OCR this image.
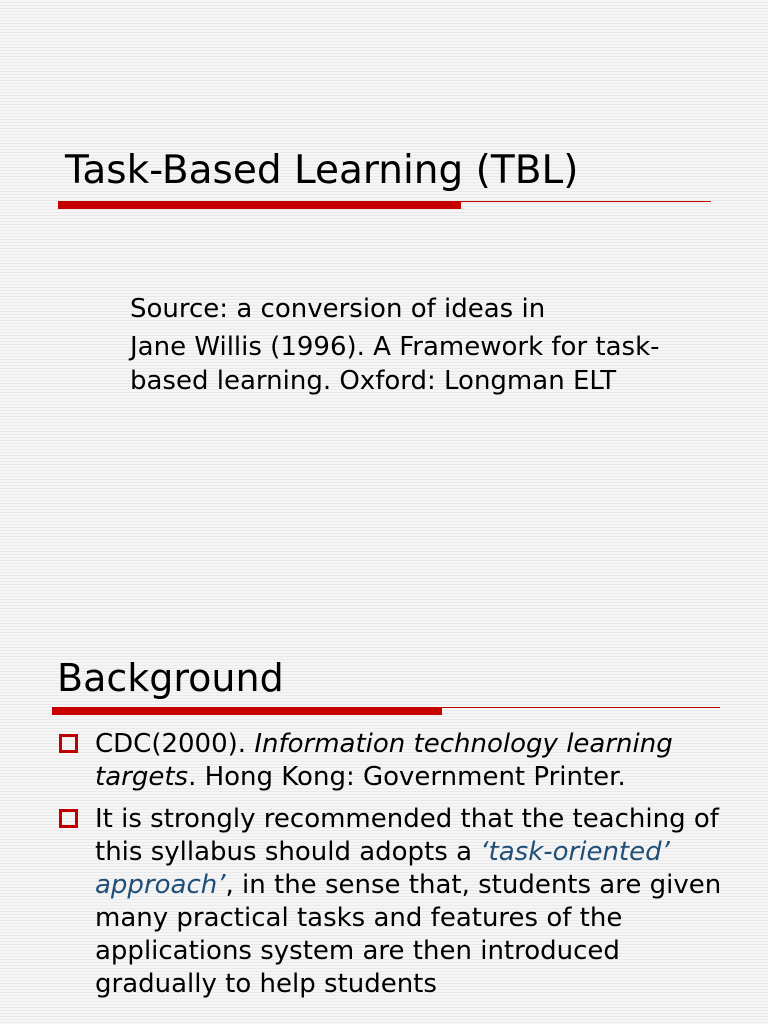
Task-Based Learning (TBL)

Source: a conversion of ideas in

Jane Willis (1996). A Framework for task-based learning. Oxford: Longman ELT

Background
CDC(2000). Information technology learning targets. Hong Kong: Government Printer.
It is strongly recommended that the teaching of this syllabus should adopts a ‘task-oriented’ approach’, in the sense that, students are given many practical tasks and features of the applications system are then introduced gradually to help students
